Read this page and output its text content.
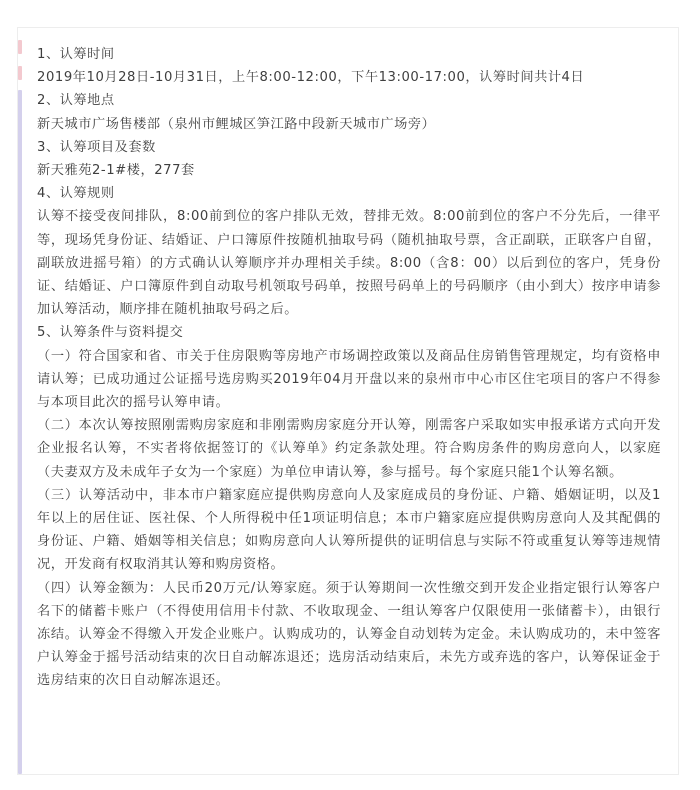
1、认筹时间

2019年10月28日-10月31日，上午8:00-12:00，下午13:00-17:00，认筹时间共计4日

2、认筹地点

新天城市广场售楼部（泉州市鲤城区笋江路中段新天城市广场旁）

3、认筹项目及套数

新天雅苑2-1#楼，277套

4、认筹规则

认筹不接受夜间排队，8:00前到位的客户排队无效，替排无效。8:00前到位的客户不分先后，一律平等，现场凭身份证、结婚证、户口簿原件按随机抽取号码（随机抽取号票，含正副联，正联客户自留，副联放进摇号箱）的方式确认认筹顺序并办理相关手续。8:00（含8：00）以后到位的客户，凭身份证、结婚证、户口簿原件到自动取号机领取号码单，按照号码单上的号码顺序（由小到大）按序申请参加认筹活动，顺序排在随机抽取号码之后。

5、认筹条件与资料提交

（一）符合国家和省、市关于住房限购等房地产市场调控政策以及商品住房销售管理规定，均有资格申请认筹；已成功通过公证摇号选房购买2019年04月开盘以来的泉州市中心市区住宅项目的客户不得参与本项目此次的摇号认筹申请。

（二）本次认筹按照刚需购房家庭和非刚需购房家庭分开认筹，刚需客户采取如实申报承诺方式向开发企业报名认筹，不实者将依据签订的《认筹单》约定条款处理。符合购房条件的购房意向人，以家庭（夫妻双方及未成年子女为一个家庭）为单位申请认筹，参与摇号。每个家庭只能1个认筹名额。

（三）认筹活动中，非本市户籍家庭应提供购房意向人及家庭成员的身份证、户籍、婚姻证明，以及1年以上的居住证、医社保、个人所得税中任1项证明信息；本市户籍家庭应提供购房意向人及其配偶的身份证、户籍、婚姻等相关信息；如购房意向人认筹所提供的证明信息与实际不符或重复认筹等违规情况，开发商有权取消其认筹和购房资格。

（四）认筹金额为：人民币20万元/认筹家庭。须于认筹期间一次性缴交到开发企业指定银行认筹客户名下的储蓄卡账户（不得使用信用卡付款、不收取现金、一组认筹客户仅限使用一张储蓄卡），由银行冻结。认筹金不得缴入开发企业账户。认购成功的，认筹金自动划转为定金。未认购成功的，未中签客户认筹金于摇号活动结束的次日自动解冻退还；选房活动结束后，未先方或弃选的客户，认筹保证金于选房结束的次日自动解冻退还。
